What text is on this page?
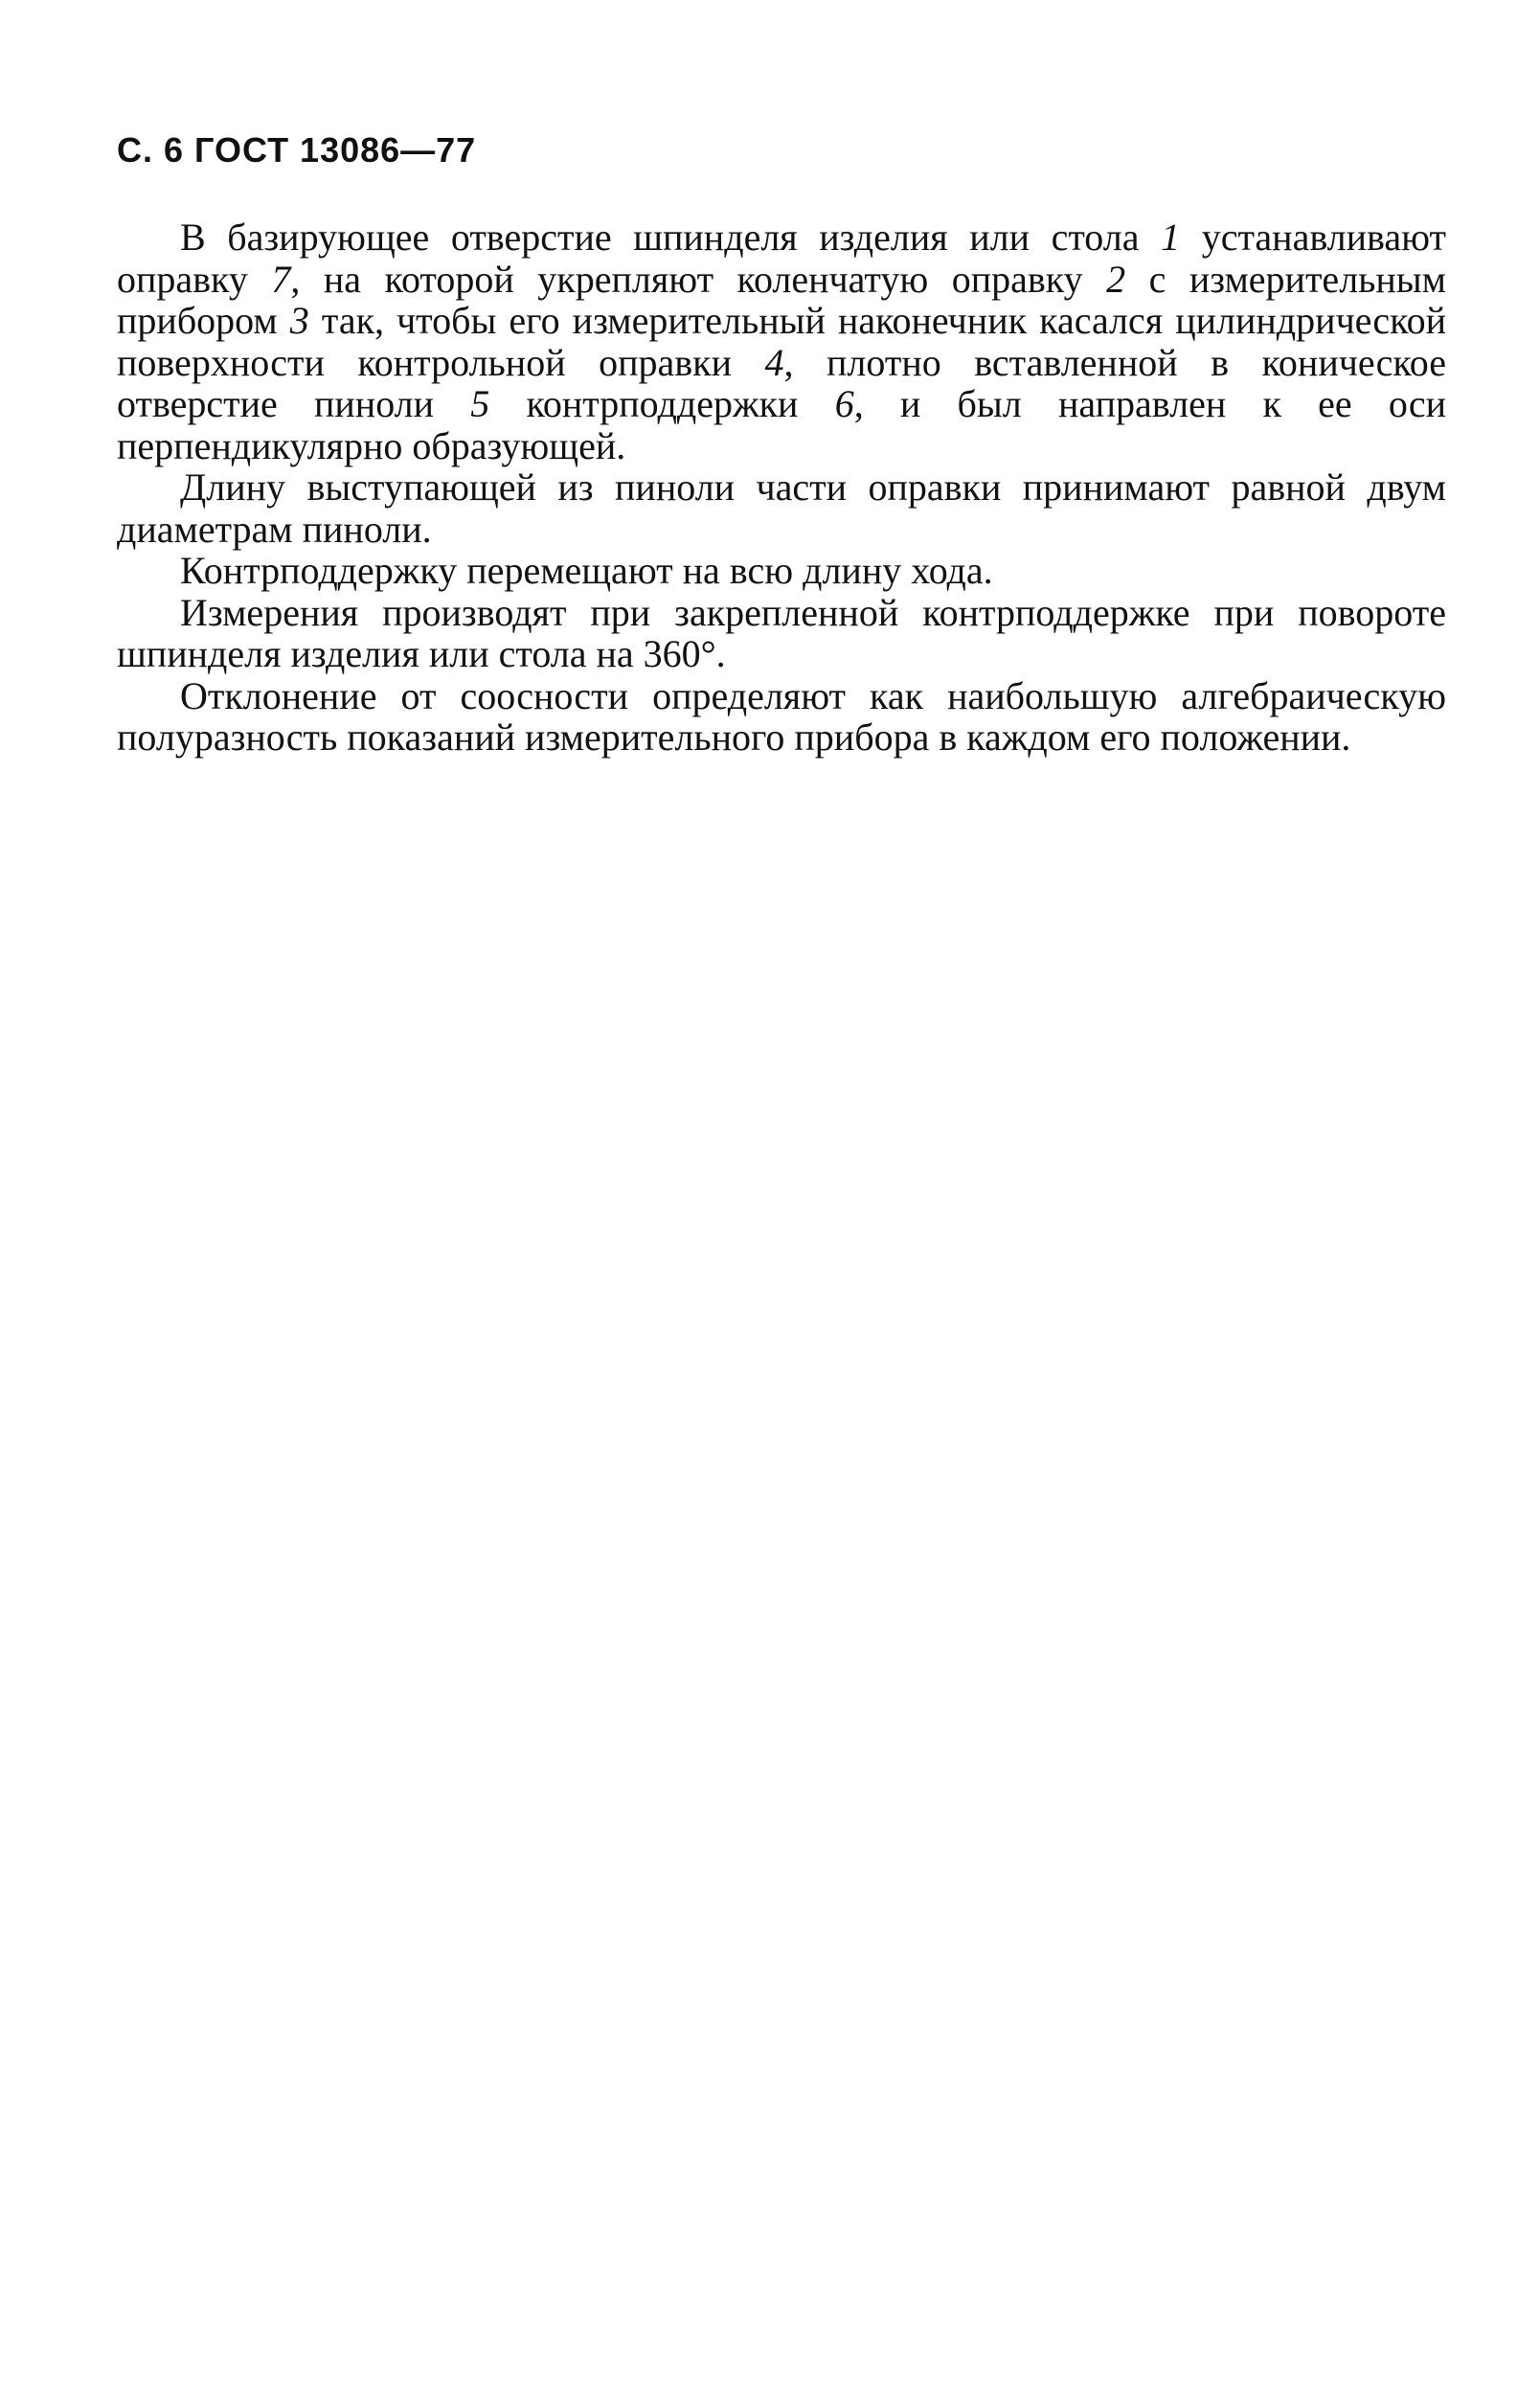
С. 6 ГОСТ 13086—77

В базирующее отверстие шпинделя изделия или стола 1 устанавливают оправку 7, на которой укрепляют коленчатую оправку 2 с измерительным прибором 3 так, чтобы его измерительный наконечник касался цилиндрической поверхности контрольной оправки 4, плотно вставленной в коническое отверстие пиноли 5 контрподдержки 6, и был направлен к ее оси перпендикулярно образующей.

Длину выступающей из пиноли части оправки принимают равной двум диаметрам пиноли.

Контрподдержку перемещают на всю длину хода.

Измерения производят при закрепленной контрподдержке при повороте шпинделя изделия или стола на 360°.

Отклонение от соосности определяют как наибольшую алгебраическую полуразность показаний измерительного прибора в каждом его положении.
